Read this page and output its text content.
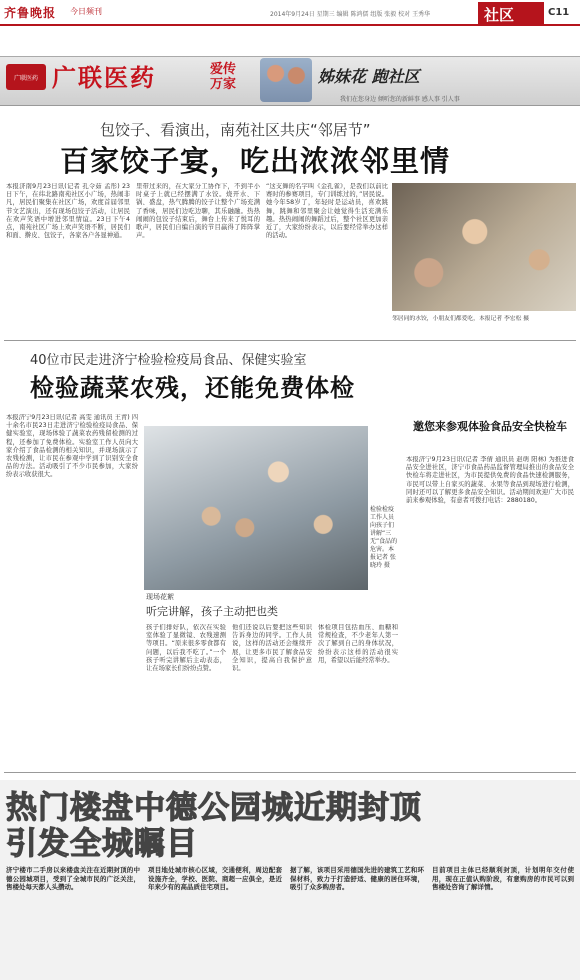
齐鲁晚报 今日频刊	2014年9月24日 星期三 编辑 陈鸿儒 组版 张毅 校对 王秀华	社区	C11
广联医药 广联医药	爱传
万家	姊妹花 跑社区
我们在您身边 倾听您的新鲜事 感人事 引人事
包饺子、看演出，南苑社区共庆“邻居节”
百家饺子宴，吃出浓浓邻里情
本报济南9月23日讯(记者 孔令茹 孟彤) 23日下午，在纬北路南苑社区小广场，热闹非凡，居民们聚集在社区广场，欢度首届邻里节文艺演出，还有现场包饺子活动，让居民在欢声笑语中增进邻里情谊。23日下午4点，南苑社区广场上欢声笑语不断，居民们和面、擀皮、包饺子，各家各户各显神通。
里带过来的，在大家分工协作下，不到半小时桌子上就已经摆满了水饺。烧开水、下锅、盛盘，热气腾腾的饺子让整个广场充满了香味，居民们边吃边聊，其乐融融。热热闹闹的包饺子结束后，舞台上传来了悦耳的歌声，居民们自编自演的节目赢得了阵阵掌声。
“这支舞的名字叫《金孔雀》，是我们以前比赛时的参赛项目，专门训练过的，”居民说。她今年58岁了，年轻时是运动员，喜欢跳舞，跳舞和邻里聚会让她觉得生活充满乐趣。热热闹闹的舞蹈过后，整个社区更加亲近了，大家纷纷表示，以后要经常举办这样的活动。
邻居同的水饺，小朋友们都爱吃，本报记者 李宏松 摄
40位市民走进济宁检验检疫局食品、保健实验室
检验蔬菜农残，还能免费体检
本报济宁9月23日讯(记者 高雯 通讯员 王青) 四十余名市民23日走进济宁检验检疫局食品、保健实验室，现场体验了蔬菜农药残留检测的过程，还参加了免费体检。实验室工作人员向大家介绍了食品检测的相关知识，并现场演示了农残检测，让市民在参观中学到了识别安全食品的方法。活动吸引了不少市民参加，大家纷纷表示收获很大。
检验检疫工作人员向孩子们讲解“三无”食品的危害。本报记者 张晓玲 摄
现场花絮
听完讲解，孩子主动把也类
孩子们排好队，依次在实验室体验了显微镜、农残速测等项目。“原来很多零食都有问题，以后我不吃了。”一个孩子听完讲解后主动表态，让在场家长们纷纷点赞。
他们还说以后要把这些知识告诉身边的同学。工作人员说，这样的活动还会继续开展，让更多市民了解食品安全知识，提高自我保护意识。
体检项目包括血压、血糖和常规检查，不少老年人第一次了解到自己的身体状况，纷纷表示这样的活动很实用，希望以后能经常举办。
邀您来参观体验食品安全快检车
本报济宁9月23日讯(记者 李倩 通讯员 赵萌 阳林) 为推进食品安全进社区，济宁市食品药品监督管理局推出的食品安全快检车将走进社区，为市民提供免费的食品快速检测服务，市民可以带上自家买的蔬菜、水果等食品到现场进行检测，同时还可以了解更多食品安全知识。活动期间欢迎广大市民前来参观体验，有意者可拨打电话：2880180。
热门楼盘中德公园城近期封顶
引发全城瞩目
济宁楼市二手房以来楼盘关注在近期封顶的中德公园城项目，受到了全城市民的广泛关注，售楼处每天都人头攒动。
项目地处城市核心区域，交通便利，周边配套设施齐全，学校、医院、商超一应俱全，是近年来少有的高品质住宅项目。
据了解，该项目采用德国先进的建筑工艺和环保材料，致力于打造舒适、健康的居住环境，吸引了众多购房者。
目前项目主体已经顺利封顶，计划明年交付使用，现在正值认购阶段，有意购房的市民可以到售楼处咨询了解详情。
